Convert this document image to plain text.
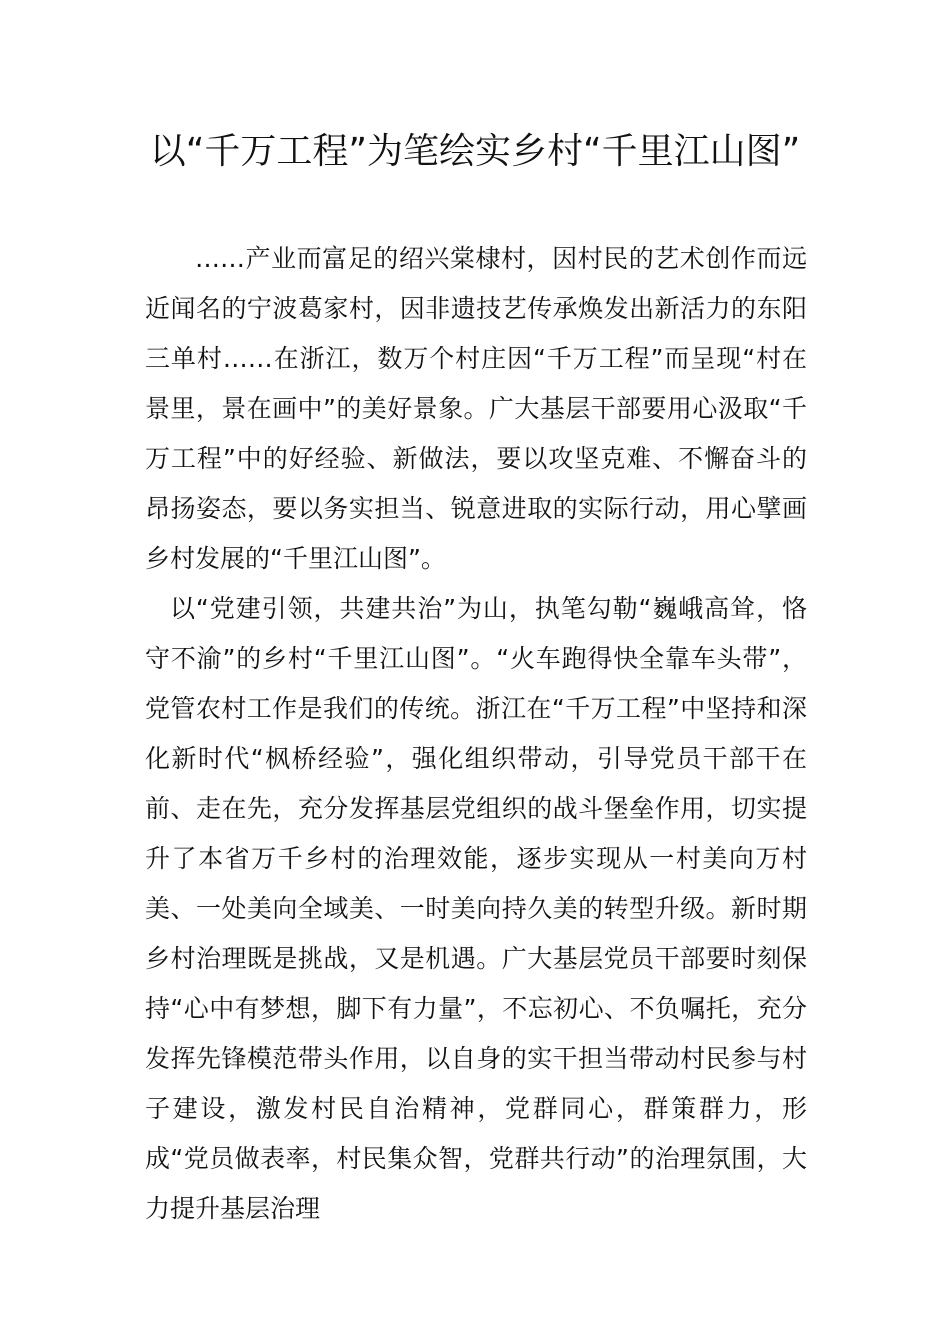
以“千万工程”为笔绘实乡村“千里江山图”

……产业而富足的绍兴棠棣村，因村民的艺术创作而远近闻名的宁波葛家村，因非遗技艺传承焕发出新活力的东阳三单村……在浙江，数万个村庄因“千万工程”而呈现“村在景里，景在画中”的美好景象。广大基层干部要用心汲取“千万工程”中的好经验、新做法，要以攻坚克难、不懈奋斗的昂扬姿态，要以务实担当、锐意进取的实际行动，用心擘画乡村发展的“千里江山图”。

以“党建引领，共建共治”为山，执笔勾勒“巍峨高耸，恪守不渝”的乡村“千里江山图”。“火车跑得快全靠车头带”，党管农村工作是我们的传统。浙江在“千万工程”中坚持和深化新时代“枫桥经验”，强化组织带动，引导党员干部干在前、走在先，充分发挥基层党组织的战斗堡垒作用，切实提升了本省万千乡村的治理效能，逐步实现从一村美向万村美、一处美向全域美、一时美向持久美的转型升级。新时期乡村治理既是挑战，又是机遇。广大基层党员干部要时刻保持“心中有梦想，脚下有力量”，不忘初心、不负嘱托，充分发挥先锋模范带头作用，以自身的实干担当带动村民参与村子建设，激发村民自治精神，党群同心，群策群力，形成“党员做表率，村民集众智，党群共行动”的治理氛围，大力提升基层治理
